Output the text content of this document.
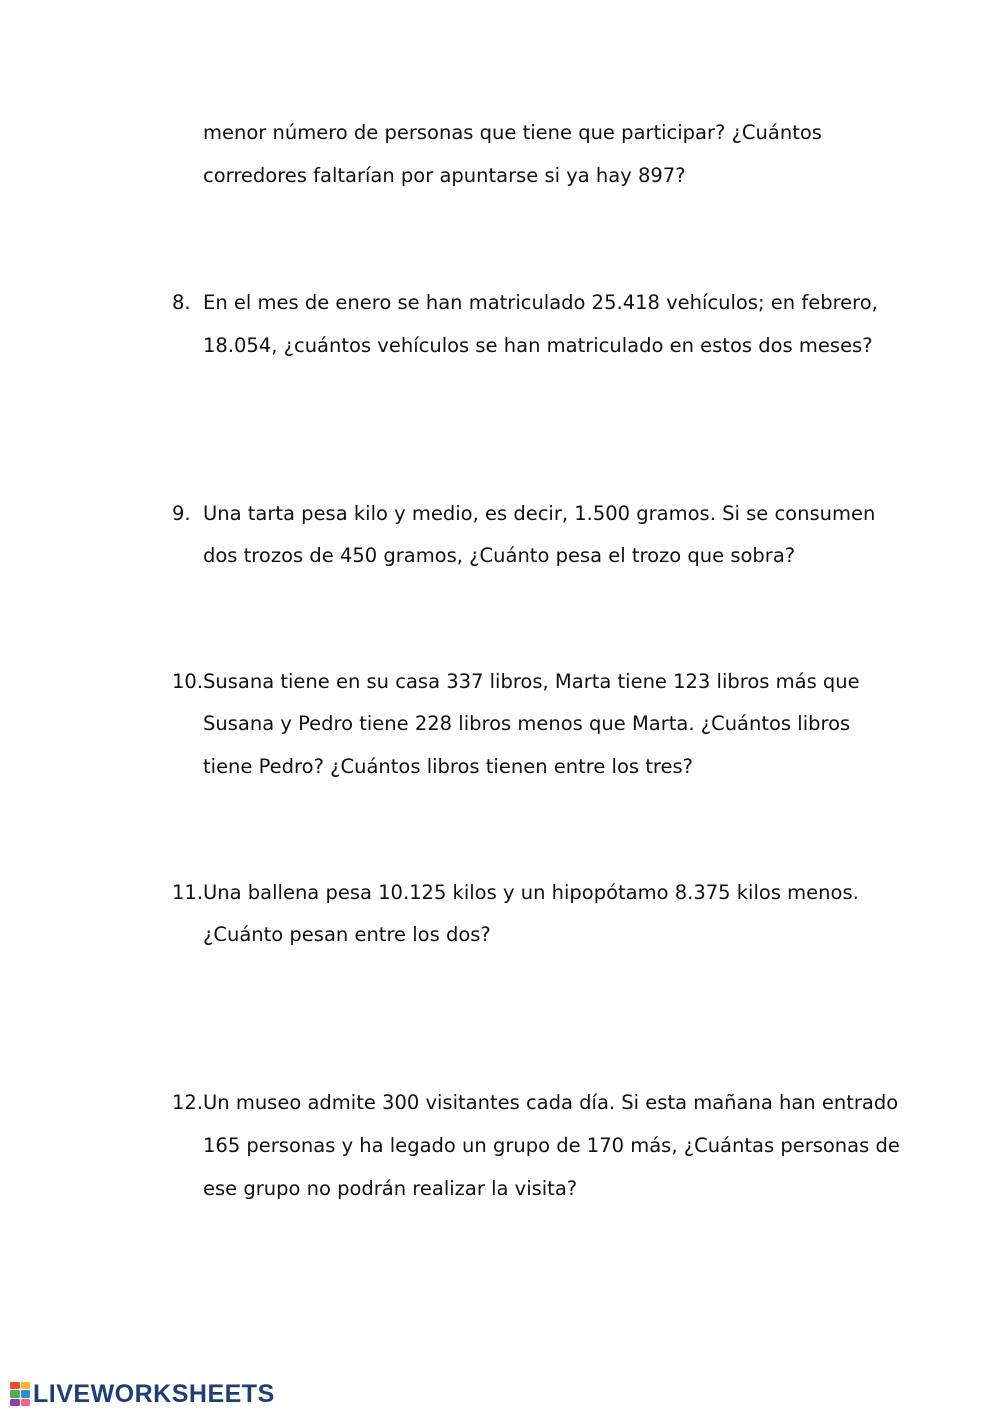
menor número de personas que tiene que participar? ¿Cuántos
corredores faltarían por apuntarse si ya hay 897?
8. En el mes de enero se han matriculado 25.418 vehículos; en febrero,
18.054, ¿cuántos vehículos se han matriculado en estos dos meses?
9. Una tarta pesa kilo y medio, es decir, 1.500 gramos. Si se consumen
dos trozos de 450 gramos, ¿Cuánto pesa el trozo que sobra?
10. Susana tiene en su casa 337 libros, Marta tiene 123 libros más que
Susana y Pedro tiene 228 libros menos que Marta. ¿Cuántos libros
tiene Pedro? ¿Cuántos libros tienen entre los tres?
11. Una ballena pesa 10.125 kilos y un hipopótamo 8.375 kilos menos.
¿Cuánto pesan entre los dos?
12. Un museo admite 300 visitantes cada día. Si esta mañana han entrado
165 personas y ha legado un grupo de 170 más, ¿Cuántas personas de
ese grupo no podrán realizar la visita?
LIVEWORKSHEETS
